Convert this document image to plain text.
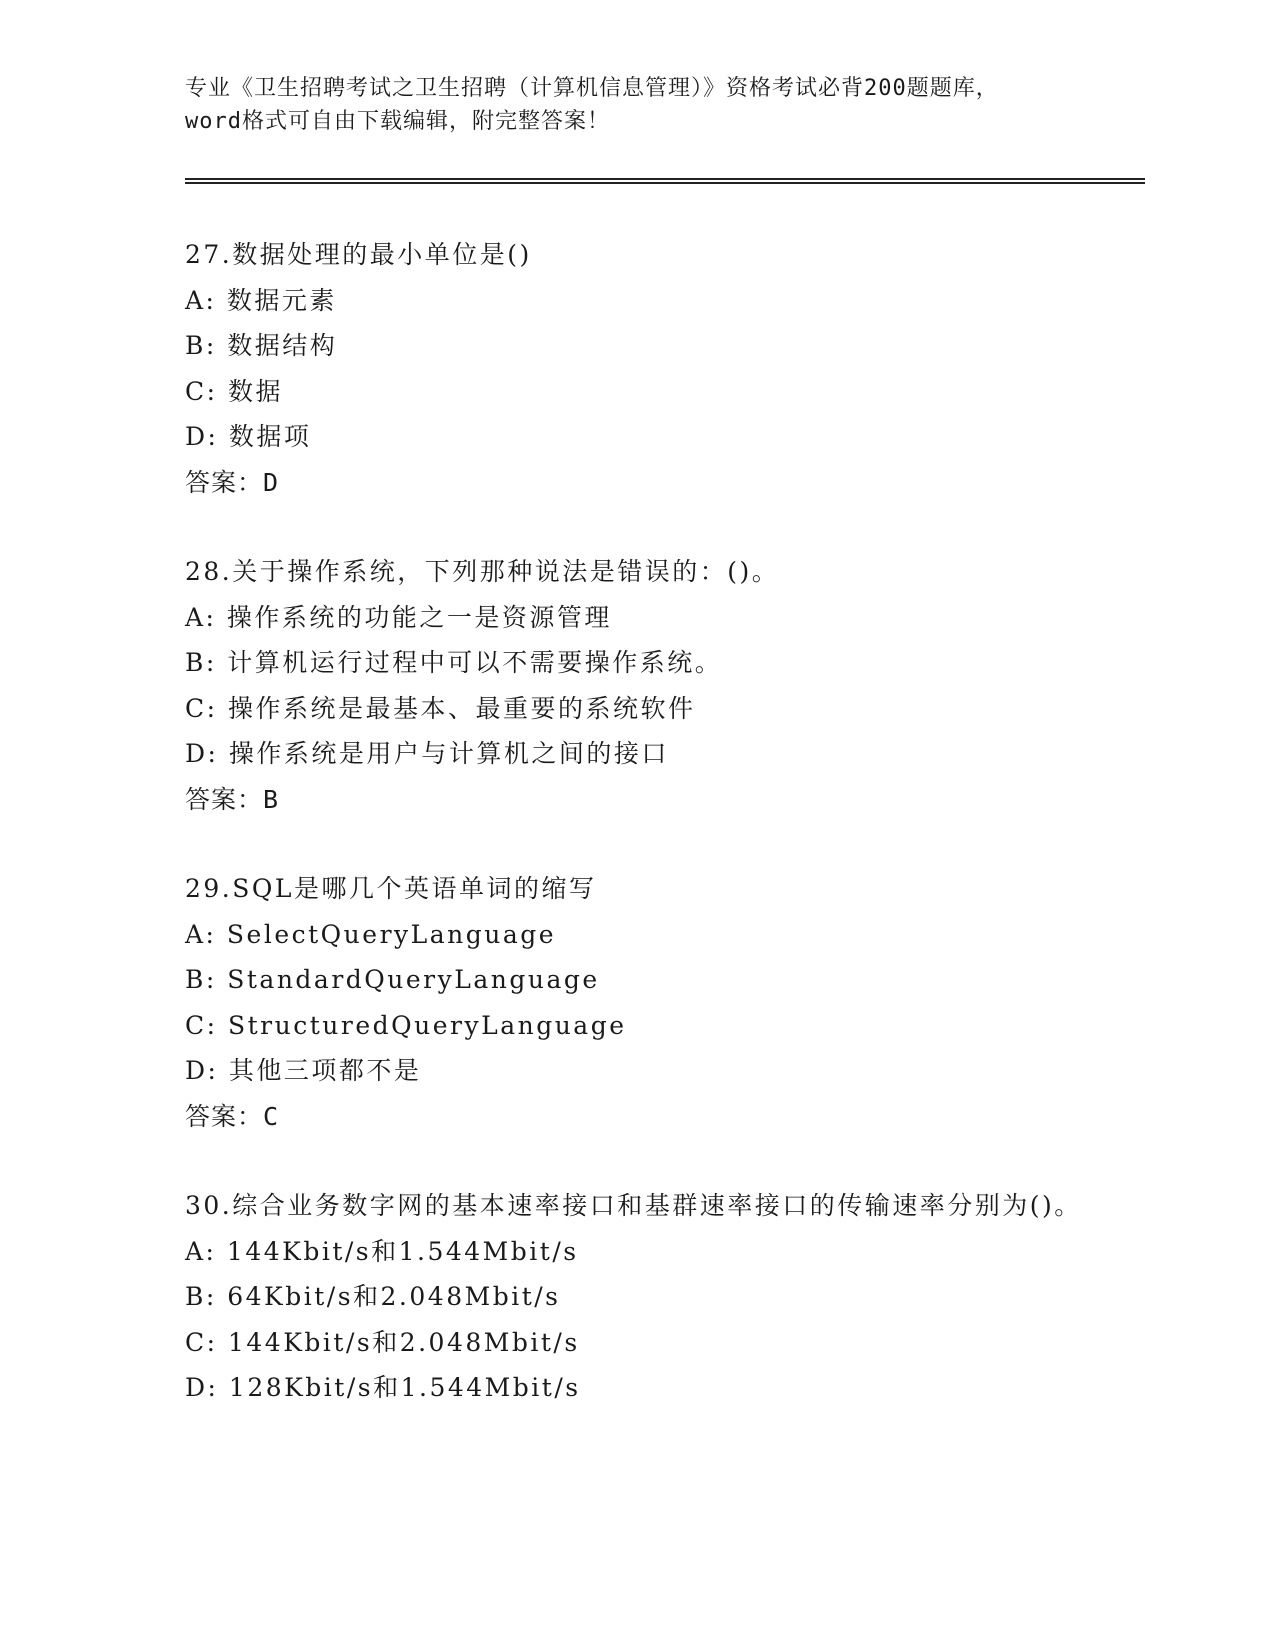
专业《卫生招聘考试之卫生招聘（计算机信息管理）》资格考试必背200题题库，
word格式可自由下载编辑，附完整答案！

27.数据处理的最小单位是()

A: 数据元素

B: 数据结构

C: 数据

D: 数据项

答案：D

28.关于操作系统，下列那种说法是错误的：()。

A: 操作系统的功能之一是资源管理

B: 计算机运行过程中可以不需要操作系统。

C: 操作系统是最基本、最重要的系统软件

D: 操作系统是用户与计算机之间的接口

答案：B

29.SQL是哪几个英语单词的缩写

A: SelectQueryLanguage

B: StandardQueryLanguage

C: StructuredQueryLanguage

D: 其他三项都不是

答案：C

30.综合业务数字网的基本速率接口和基群速率接口的传输速率分别为()。

A: 144Kbit/s和1.544Mbit/s

B: 64Kbit/s和2.048Mbit/s

C: 144Kbit/s和2.048Mbit/s

D: 128Kbit/s和1.544Mbit/s
